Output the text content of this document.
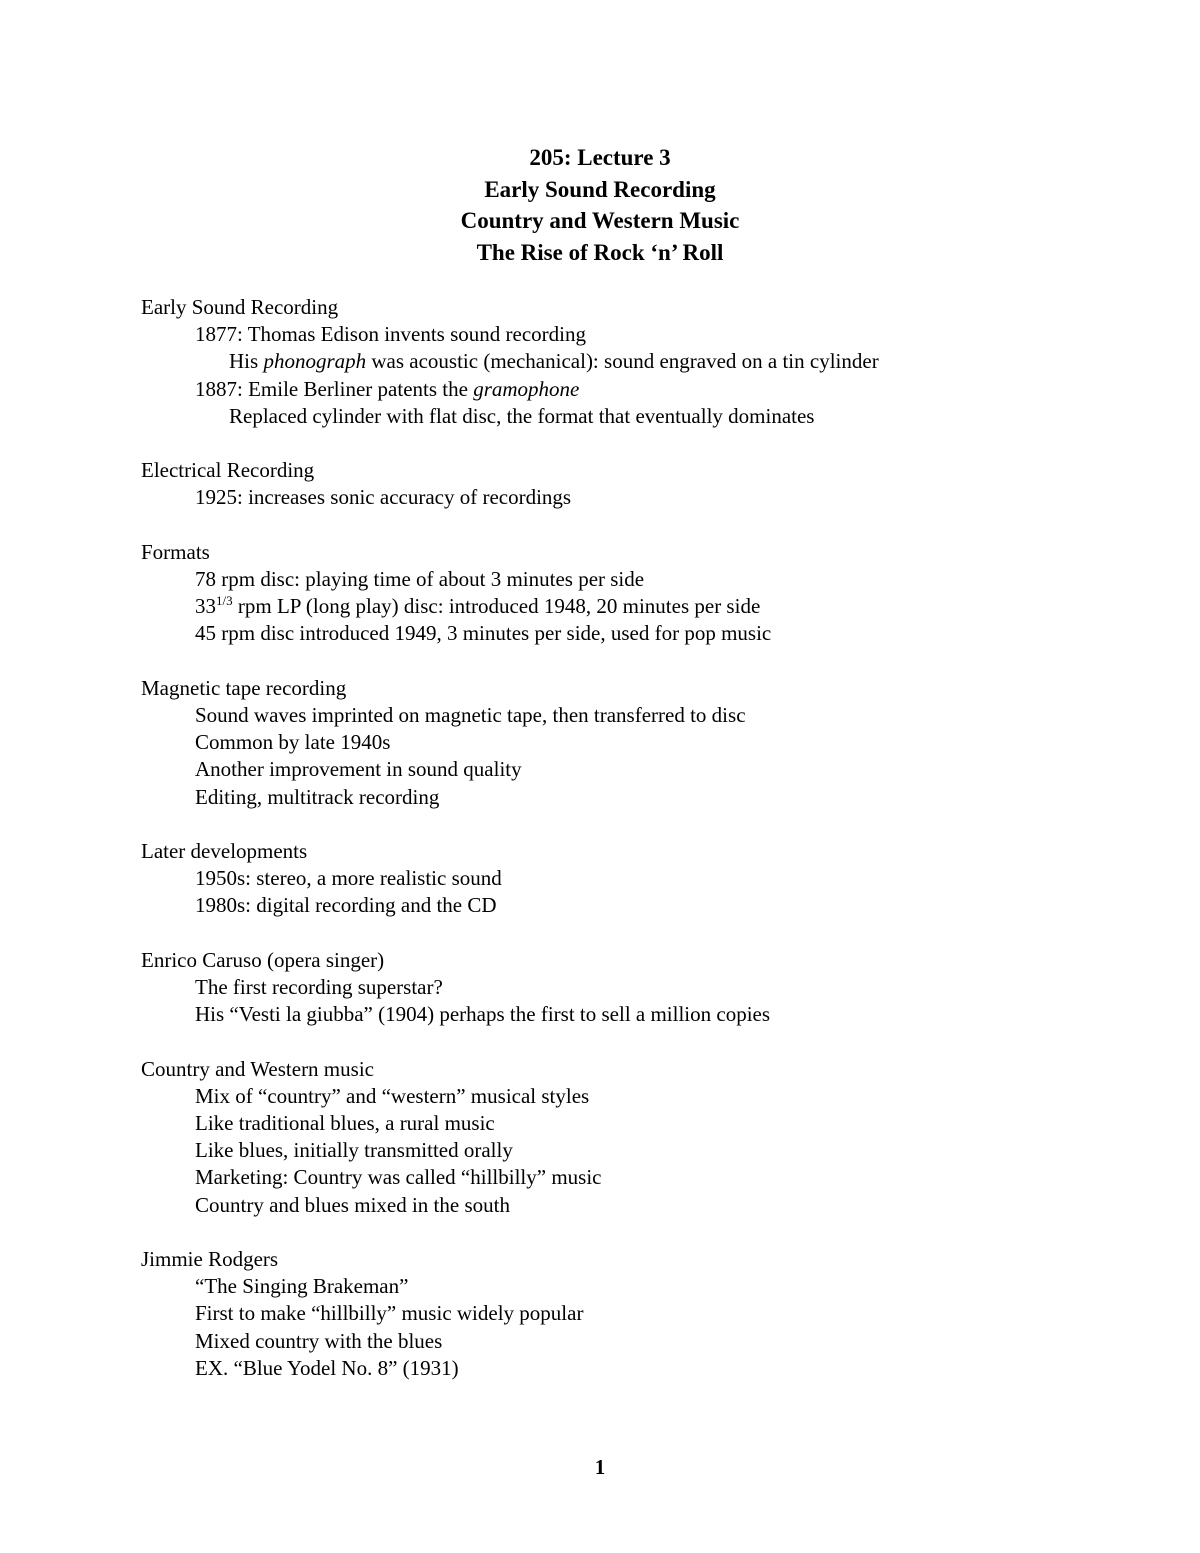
205: Lecture 3
Early Sound Recording
Country and Western Music
The Rise of Rock ‘n’ Roll
Early Sound Recording
1877: Thomas Edison invents sound recording
His phonograph was acoustic (mechanical): sound engraved on a tin cylinder
1887: Emile Berliner patents the gramophone
Replaced cylinder with flat disc, the format that eventually dominates
Electrical Recording
1925: increases sonic accuracy of recordings
Formats
78 rpm disc: playing time of about 3 minutes per side
$33^{1/3}$ rpm LP (long play) disc: introduced 1948, 20 minutes per side
45 rpm disc introduced 1949, 3 minutes per side, used for pop music
Magnetic tape recording
Sound waves imprinted on magnetic tape, then transferred to disc
Common by late 1940s
Another improvement in sound quality
Editing, multitrack recording
Later developments
1950s: stereo, a more realistic sound
1980s: digital recording and the CD
Enrico Caruso (opera singer)
The first recording superstar?
His “Vesti la giubba” (1904) perhaps the first to sell a million copies
Country and Western music
Mix of “country” and “western” musical styles
Like traditional blues, a rural music
Like blues, initially transmitted orally
Marketing: Country was called “hillbilly” music
Country and blues mixed in the south
Jimmie Rodgers
“The Singing Brakeman”
First to make “hillbilly” music widely popular
Mixed country with the blues
EX. “Blue Yodel No. 8” (1931)
1
